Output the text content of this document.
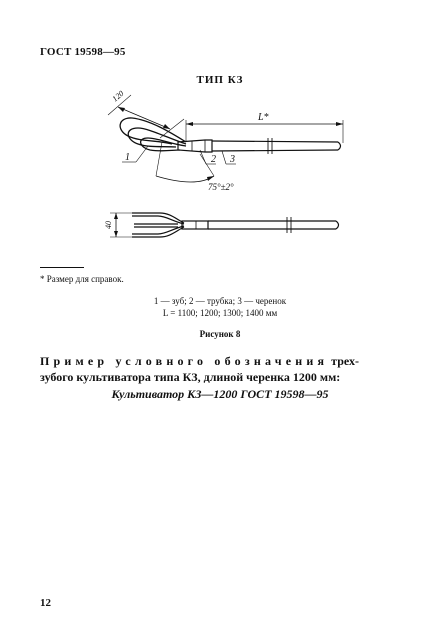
ГОСТ 19598—95
ТИП КЗ
L*
120
75°±2°
1	2 3
40
* Размер для справок.
1 — зуб; 2 — трубка; 3 — черенок
L = 1100; 1200; 1300; 1400 мм
Рисунок 8
Пример условного обозначения трех-
зубого культиватора типа КЗ, длиной черенка 1200 мм:
Культиватор КЗ—1200 ГОСТ 19598—95
12
